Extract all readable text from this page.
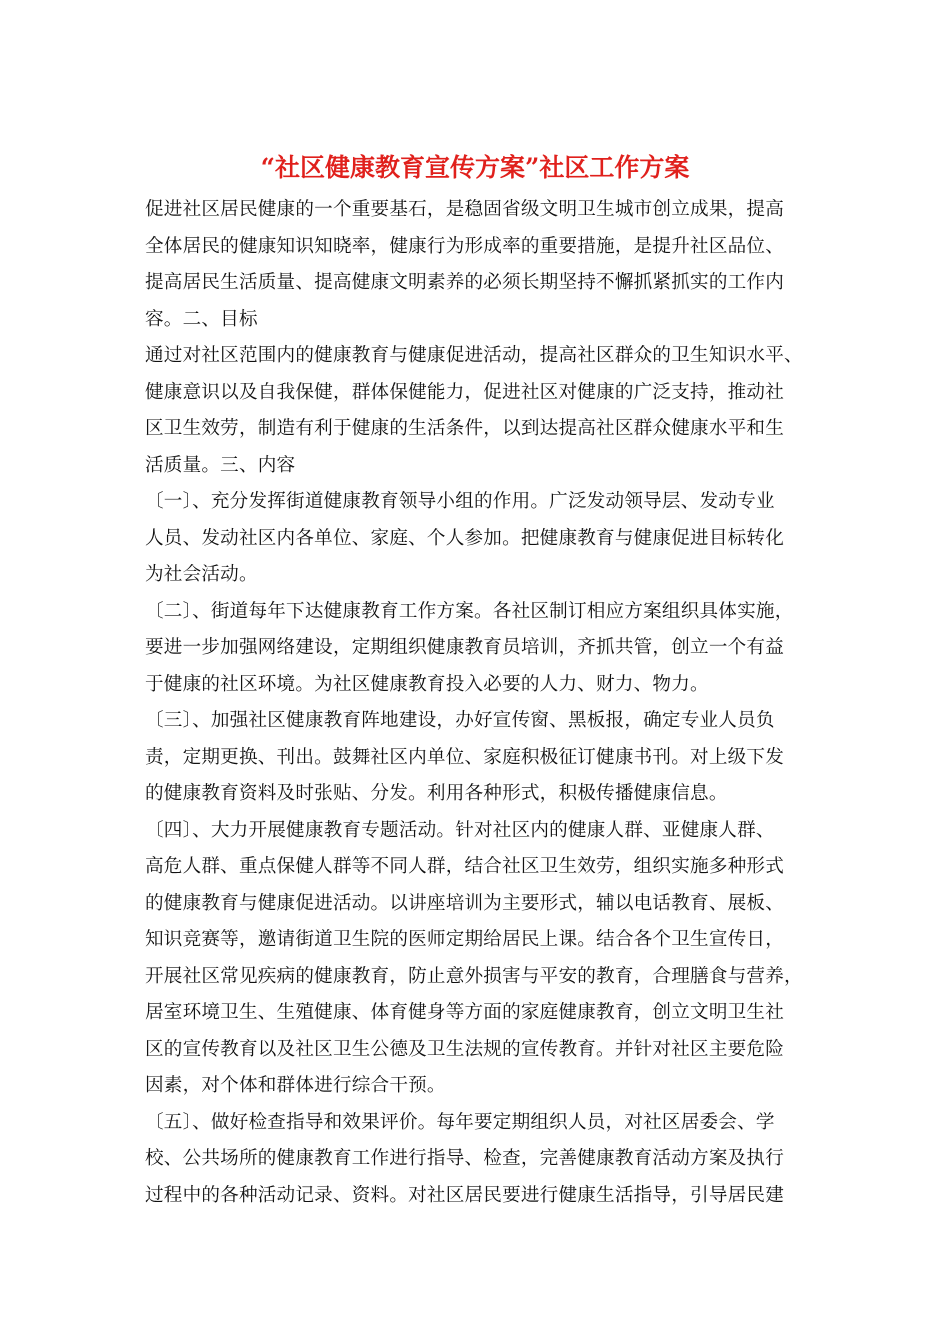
“社区健康教育宣传方案”社区工作方案
促进社区居民健康的一个重要基石，是稳固省级文明卫生城市创立成果，提高
全体居民的健康知识知晓率，健康行为形成率的重要措施，是提升社区品位、
提高居民生活质量、提高健康文明素养的必须长期坚持不懈抓紧抓实的工作内
容。二、目标
通过对社区范围内的健康教育与健康促进活动，提高社区群众的卫生知识水平、
健康意识以及自我保健，群体保健能力，促进社区对健康的广泛支持，推动社
区卫生效劳，制造有利于健康的生活条件，以到达提高社区群众健康水平和生
活质量。三、内容
〔一〕、充分发挥街道健康教育领导小组的作用。广泛发动领导层、发动专业
人员、发动社区内各单位、家庭、个人参加。把健康教育与健康促进目标转化
为社会活动。
〔二〕、街道每年下达健康教育工作方案。各社区制订相应方案组织具体实施，
要进一步加强网络建设，定期组织健康教育员培训，齐抓共管，创立一个有益
于健康的社区环境。为社区健康教育投入必要的人力、财力、物力。
〔三〕、加强社区健康教育阵地建设，办好宣传窗、黑板报，确定专业人员负
责，定期更换、刊出。鼓舞社区内单位、家庭积极征订健康书刊。对上级下发
的健康教育资料及时张贴、分发。利用各种形式，积极传播健康信息。
〔四〕、大力开展健康教育专题活动。针对社区内的健康人群、亚健康人群、
高危人群、重点保健人群等不同人群，结合社区卫生效劳，组织实施多种形式
的健康教育与健康促进活动。以讲座培训为主要形式，辅以电话教育、展板、
知识竞赛等，邀请街道卫生院的医师定期给居民上课。结合各个卫生宣传日，
开展社区常见疾病的健康教育，防止意外损害与平安的教育，合理膳食与营养，
居室环境卫生、生殖健康、体育健身等方面的家庭健康教育，创立文明卫生社
区的宣传教育以及社区卫生公德及卫生法规的宣传教育。并针对社区主要危险
因素，对个体和群体进行综合干预。
〔五〕、做好检查指导和效果评价。每年要定期组织人员，对社区居委会、学
校、公共场所的健康教育工作进行指导、检查，完善健康教育活动方案及执行
过程中的各种活动记录、资料。对社区居民要进行健康生活指导，引导居民建
